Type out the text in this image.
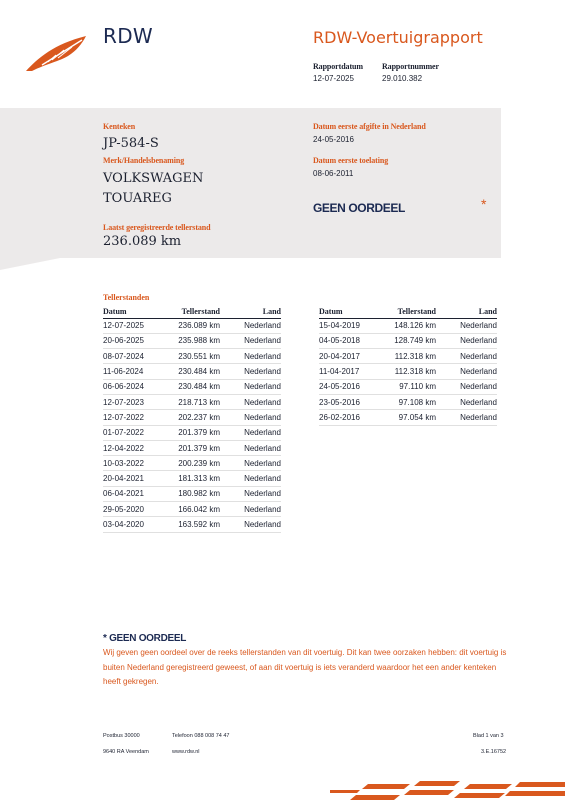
RDW	RDW-Voertuigrapport
Rapportdatum
12-07-2025
Rapportnummer
29.010.382
Kenteken
JP-584-S
Merk/Handelsbenaming
VOLKSWAGEN
TOUAREG
Laatst geregistreerde tellerstand
236.089 km
Datum eerste afgifte in Nederland
24-05-2016
Datum eerste toelating
08-06-2011
GEEN OORDEEL	*
Tellerstanden
Datum	Tellerstand	Land
12-07-2025	236.089 km	Nederland
20-06-2025	235.988 km	Nederland
08-07-2024	230.551 km	Nederland
11-06-2024	230.484 km	Nederland
06-06-2024	230.484 km	Nederland
12-07-2023	218.713 km	Nederland
12-07-2022	202.237 km	Nederland
01-07-2022	201.379 km	Nederland
12-04-2022	201.379 km	Nederland
10-03-2022	200.239 km	Nederland
20-04-2021	181.313 km	Nederland
06-04-2021	180.982 km	Nederland
29-05-2020	166.042 km	Nederland
03-04-2020	163.592 km	Nederland
Datum	Tellerstand	Land
15-04-2019	148.126 km	Nederland
04-05-2018	128.749 km	Nederland
20-04-2017	112.318 km	Nederland
11-04-2017	112.318 km	Nederland
24-05-2016	97.110 km	Nederland
23-05-2016	97.108 km	Nederland
26-02-2016	97.054 km	Nederland
* GEEN OORDEEL
Wij geven geen oordeel over de reeks tellerstanden van dit voertuig. Dit kan twee oorzaken hebben: dit voertuig is buiten Nederland geregistreerd geweest, of aan dit voertuig is iets veranderd waardoor het een ander kenteken heeft gekregen.
Postbus 30000
9640 RA Veendam
Telefoon 088 008 74 47
www.rdw.nl
Blad 1 van 3
3.E.16752
